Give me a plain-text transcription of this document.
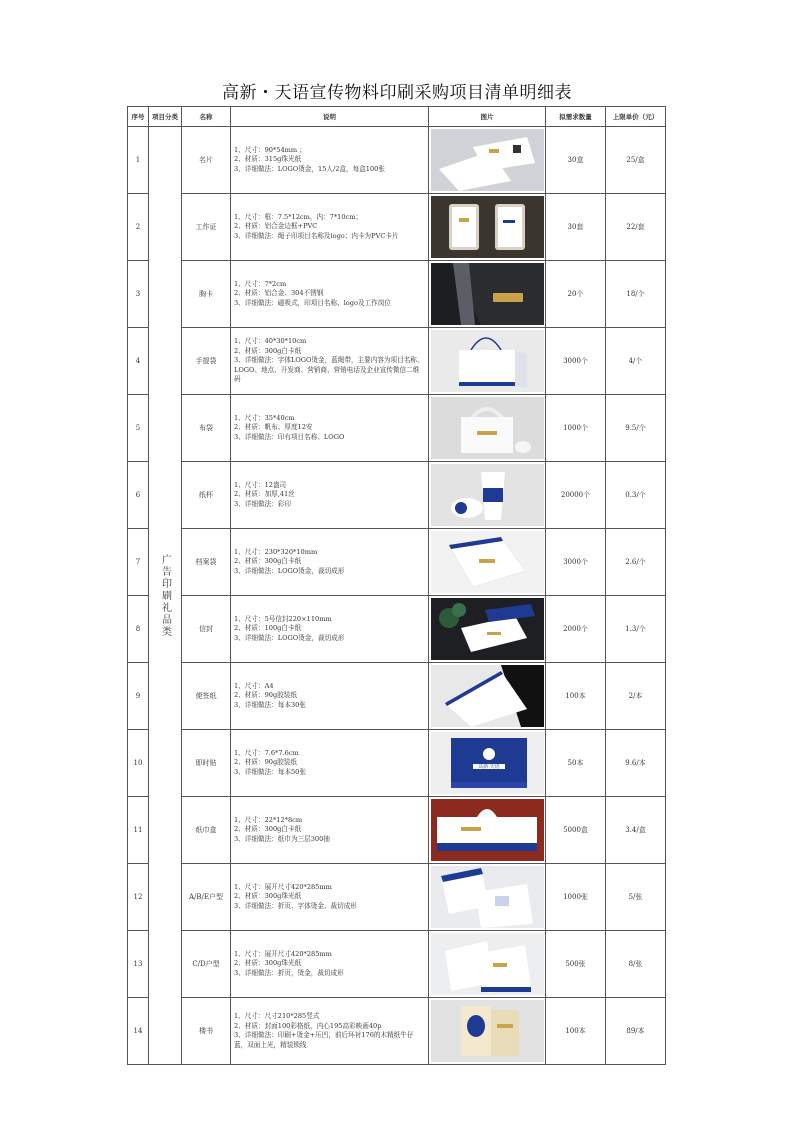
高新・天语宣传物料印刷采购项目清单明细表
序号	项目分类	名称	说明	图片	拟需求数量	上限单价（元）
1	广告印刷礼品类	名片	1、尺寸：90*54mm ；
2、材质：315g珠光纸
3、详细做法：LOGO烫金，15人/2盒，每盒100张		30盒	25/盒
2		工作证	1、尺寸：框：7.5*12cm，内：7*10cm；
2、材质：铝合金边框+PVC
3、详细做法：绳子印项目名称及logo；内卡为PVC卡片		30套	22/套
3		胸卡	1、尺寸：7*2cm
2、材质：铝合金、304不锈钢
3、详细做法：磁吸式，印项目名称、logo及工作岗位		20个	18/个
4		手提袋	1、尺寸：40*30*10cm
2、材质：300g白卡纸
3、详细做法：字体LOGO烫金，蓝绳带，主要内容为项目名称、LOGO、地点、开发商、营销商、营销电话及企业宣传微信二维码		3000个	4/个
5		布袋	1、尺寸：35*40cm
2、材质：帆布、厚度12安
3、详细做法：印有项目名称、LOGO		1000个	9.5/个
6		纸杯	1、尺寸：12盎司
2、材质：加厚,41丝
3、详细做法：彩印		20000个	0.3/个
7		档案袋	1、尺寸：230*320*10mm
2、材质：300g白卡纸
3、详细做法：LOGO烫金，裁切成形		3000个	2.6/个
8		信封	1、尺寸：5号信封220×110mm
2、材质：100g白卡纸
3、详细做法：LOGO烫金，裁切成形		2000个	1.3/个
9		便签纸	1、尺寸：A4
2、材质：90g胶装纸
3、详细做法：每本30张		100本	2/本
10		即时贴	1、尺寸：7.6*7.6cm
2、材质：90g胶装纸
3、详细做法：每本50张	高新·天语	50本	9.6/本
11		纸巾盒	1、尺寸：22*12*8cm
2、材质：300g白卡纸
3、详细做法：纸巾为三层300抽		5000盒	3.4/盒
12		A/B/E户型	1、尺寸：展开尺寸420*285mm
2、材质：300g珠光纸
3、详细做法：折页、字体烫金、裁切成形		1000张	5/张
13		C/D户型	1、尺寸：展开尺寸420*285mm
2、材质：300g珠光纸
3、详细做法：折页，烫金，裁切成形		500张	8/张
14		楼书	1、尺寸：尺寸210*285竖式
2、材质：封面100彩格纸，内心195高彩映画40p
3、详细做法：印刷+烫金+压凹，前后环衬176的木精纸牛仔蓝，双面上光，精装锁线		100本	89/本
